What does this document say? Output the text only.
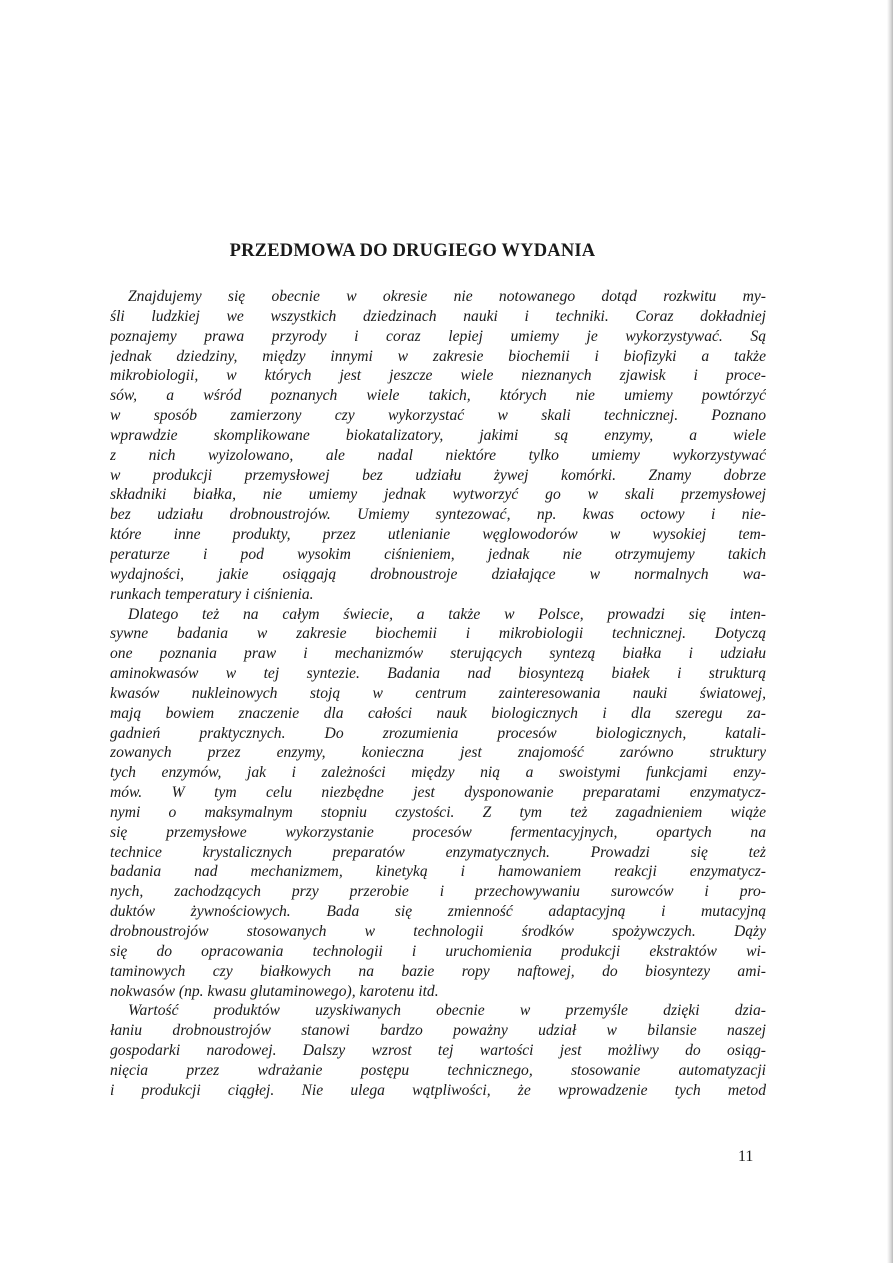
PRZEDMOWA DO DRUGIEGO WYDANIA
Znajdujemy się obecnie w okresie nie notowanego dotąd rozkwitu my-
śli ludzkiej we wszystkich dziedzinach nauki i techniki. Coraz dokładniej
poznajemy prawa przyrody i coraz lepiej umiemy je wykorzystywać. Są
jednak dziedziny, między innymi w zakresie biochemii i biofizyki a także
mikrobiologii, w których jest jeszcze wiele nieznanych zjawisk i proce-
sów, a wśród poznanych wiele takich, których nie umiemy powtórzyć
w sposób zamierzony czy wykorzystać w skali technicznej. Poznano
wprawdzie skomplikowane biokatalizatory, jakimi są enzymy, a wiele
z nich wyizolowano, ale nadal niektóre tylko umiemy wykorzystywać
w produkcji przemysłowej bez udziału żywej komórki. Znamy dobrze
składniki białka, nie umiemy jednak wytworzyć go w skali przemysłowej
bez udziału drobnoustrojów. Umiemy syntezować, np. kwas octowy i nie-
które inne produkty, przez utlenianie węglowodorów w wysokiej tem-
peraturze i pod wysokim ciśnieniem, jednak nie otrzymujemy takich
wydajności, jakie osiągają drobnoustroje działające w normalnych wa-
runkach temperatury i ciśnienia.
Dlatego też na całym świecie, a także w Polsce, prowadzi się inten-
sywne badania w zakresie biochemii i mikrobiologii technicznej. Dotyczą
one poznania praw i mechanizmów sterujących syntezą białka i udziału
aminokwasów w tej syntezie. Badania nad biosyntezą białek i strukturą
kwasów nukleinowych stoją w centrum zainteresowania nauki światowej,
mają bowiem znaczenie dla całości nauk biologicznych i dla szeregu za-
gadnień praktycznych. Do zrozumienia procesów biologicznych, katali-
zowanych przez enzymy, konieczna jest znajomość zarówno struktury
tych enzymów, jak i zależności między nią a swoistymi funkcjami enzy-
mów. W tym celu niezbędne jest dysponowanie preparatami enzymatycz-
nymi o maksymalnym stopniu czystości. Z tym też zagadnieniem wiąże
się przemysłowe wykorzystanie procesów fermentacyjnych, opartych na
technice krystalicznych preparatów enzymatycznych. Prowadzi się też
badania nad mechanizmem, kinetyką i hamowaniem reakcji enzymatycz-
nych, zachodzących przy przerobie i przechowywaniu surowców i pro-
duktów żywnościowych. Bada się zmienność adaptacyjną i mutacyjną
drobnoustrojów stosowanych w technologii środków spożywczych. Dąży
się do opracowania technologii i uruchomienia produkcji ekstraktów wi-
taminowych czy białkowych na bazie ropy naftowej, do biosyntezy ami-
nokwasów (np. kwasu glutaminowego), karotenu itd.
Wartość produktów uzyskiwanych obecnie w przemyśle dzięki dzia-
łaniu drobnoustrojów stanowi bardzo poważny udział w bilansie naszej
gospodarki narodowej. Dalszy wzrost tej wartości jest możliwy do osiąg-
nięcia przez wdrażanie postępu technicznego, stosowanie automatyzacji
i produkcji ciągłej. Nie ulega wątpliwości, że wprowadzenie tych metod
11
